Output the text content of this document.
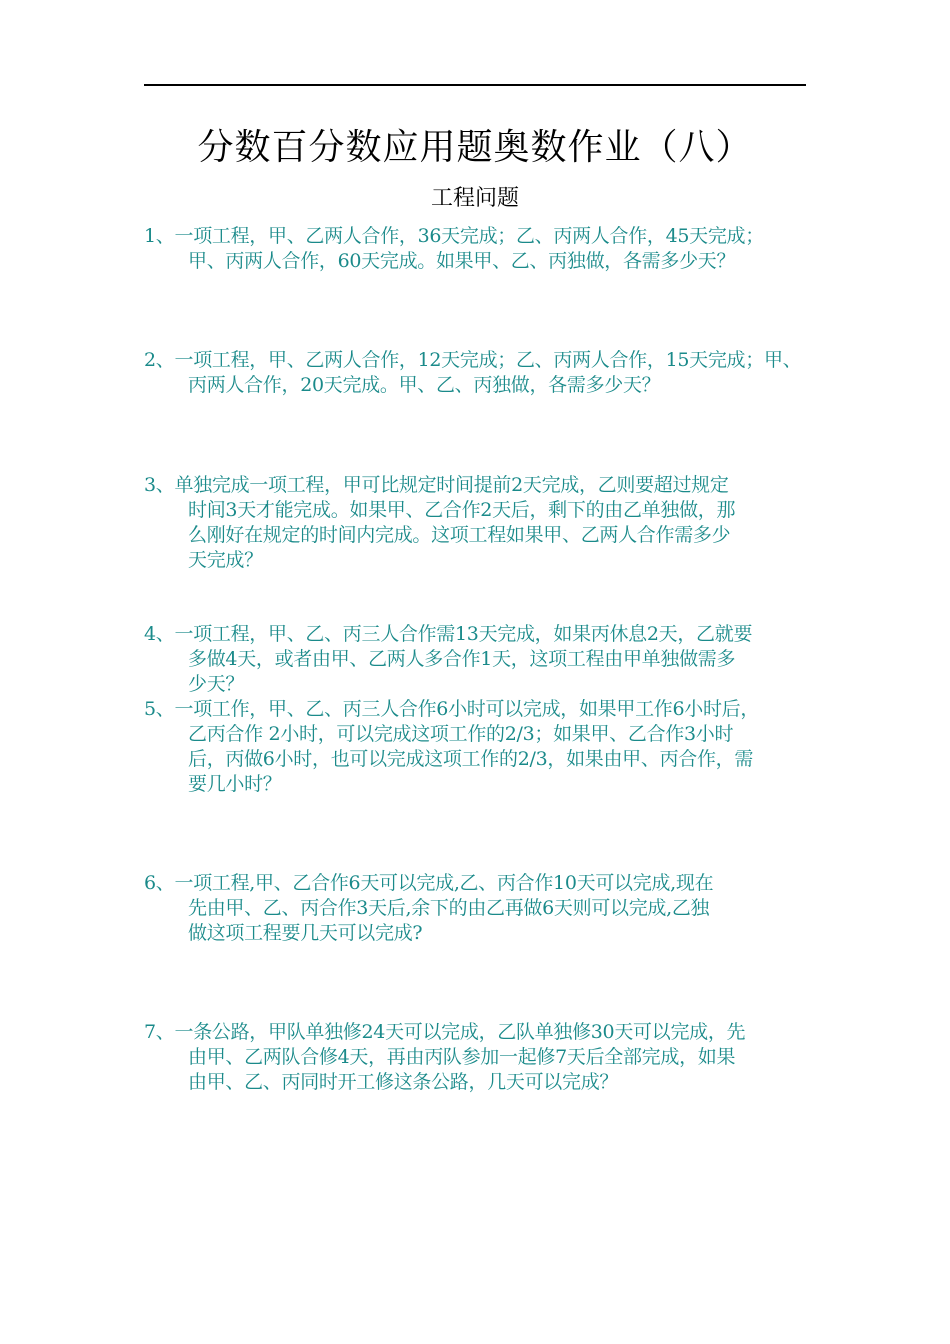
分数百分数应用题奥数作业（八）
工程问题
1、一项工程，甲、乙两人合作，36天完成；乙、丙两人合作，45天完成；
甲、丙两人合作，60天完成。如果甲、乙、丙独做，各需多少天？
2、一项工程，甲、乙两人合作，12天完成；乙、丙两人合作，15天完成；甲、
丙两人合作，20天完成。甲、乙、丙独做，各需多少天？
3、单独完成一项工程，甲可比规定时间提前2天完成，乙则要超过规定
时间3天才能完成。如果甲、乙合作2天后，剩下的由乙单独做，那
么刚好在规定的时间内完成。这项工程如果甲、乙两人合作需多少
天完成？
4、一项工程，甲、乙、丙三人合作需13天完成，如果丙休息2天，乙就要
多做4天，或者由甲、乙两人多合作1天，这项工程由甲单独做需多
少天？
5、一项工作，甲、乙、丙三人合作6小时可以完成，如果甲工作6小时后，
乙丙合作 2小时，可以完成这项工作的2/3；如果甲、乙合作3小时
后，丙做6小时，也可以完成这项工作的2/3，如果由甲、丙合作，需
要几小时？
6、一项工程,甲、乙合作6天可以完成,乙、丙合作10天可以完成,现在
先由甲、乙、丙合作3天后,余下的由乙再做6天则可以完成,乙独
做这项工程要几天可以完成?
7、一条公路，甲队单独修24天可以完成，乙队单独修30天可以完成，先
由甲、乙两队合修4天，再由丙队参加一起修7天后全部完成，如果
由甲、乙、丙同时开工修这条公路，几天可以完成？
